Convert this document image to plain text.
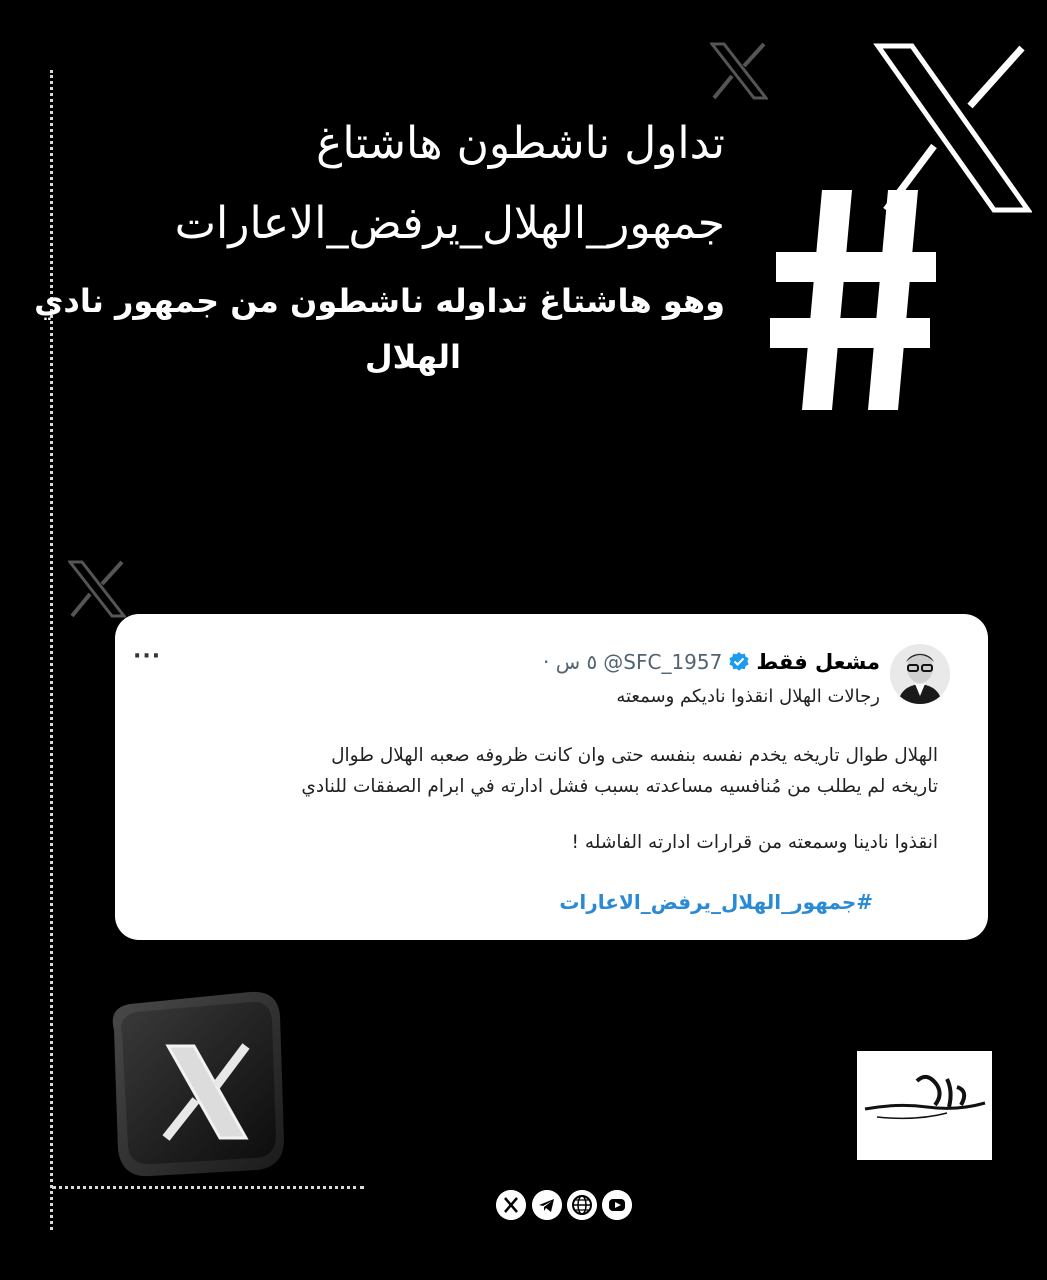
تداول ناشطون هاشتاغ
جمهور_الهلال_يرفض_الاعارات
وهو هاشتاغ تداوله ناشطون من جمهور نادي
الهلال
مشعل فقط
@SFC_1957
· ٥ س
···
رجالات الهلال انقذوا ناديكم وسمعته
الهلال طوال تاريخه يخدم نفسه بنفسه حتى وان كانت ظروفه صعبه الهلال طوال
تاريخه لم يطلب من مُنافسيه مساعدته بسبب فشل ادارته في ابرام الصفقات للنادي
انقذوا نادينا وسمعته من قرارات ادارته الفاشله !
#جمهور_الهلال_يرفض_الاعارات
